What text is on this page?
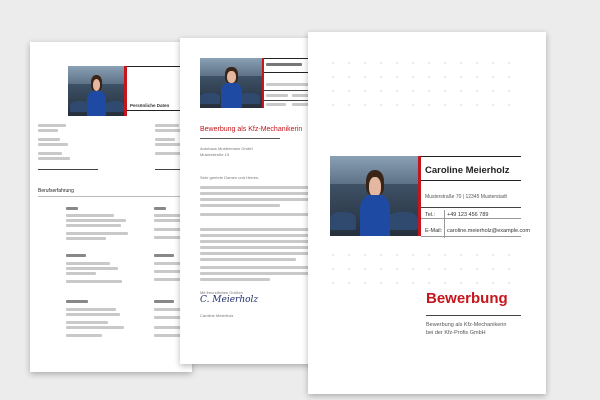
Persönliche Daten
Berufserfahrung
Bewerbung als Kfz-Mechanikerin
Autohaus Mustermann GmbH
Musterstraße 15
Sehr geehrte Damen und Herren,
Mit freundlichen Grüßen
C. Meierholz
Caroline Meierholz
Caroline Meierholz
Musterstraße 70 | 12345 Musterstadt
Tel.: +49 123 456 789
E-Mail: caroline.meierholz@example.com
Bewerbung
Bewerbung als Kfz-Mechanikerin
bei der Kfz-Profis GmbH
